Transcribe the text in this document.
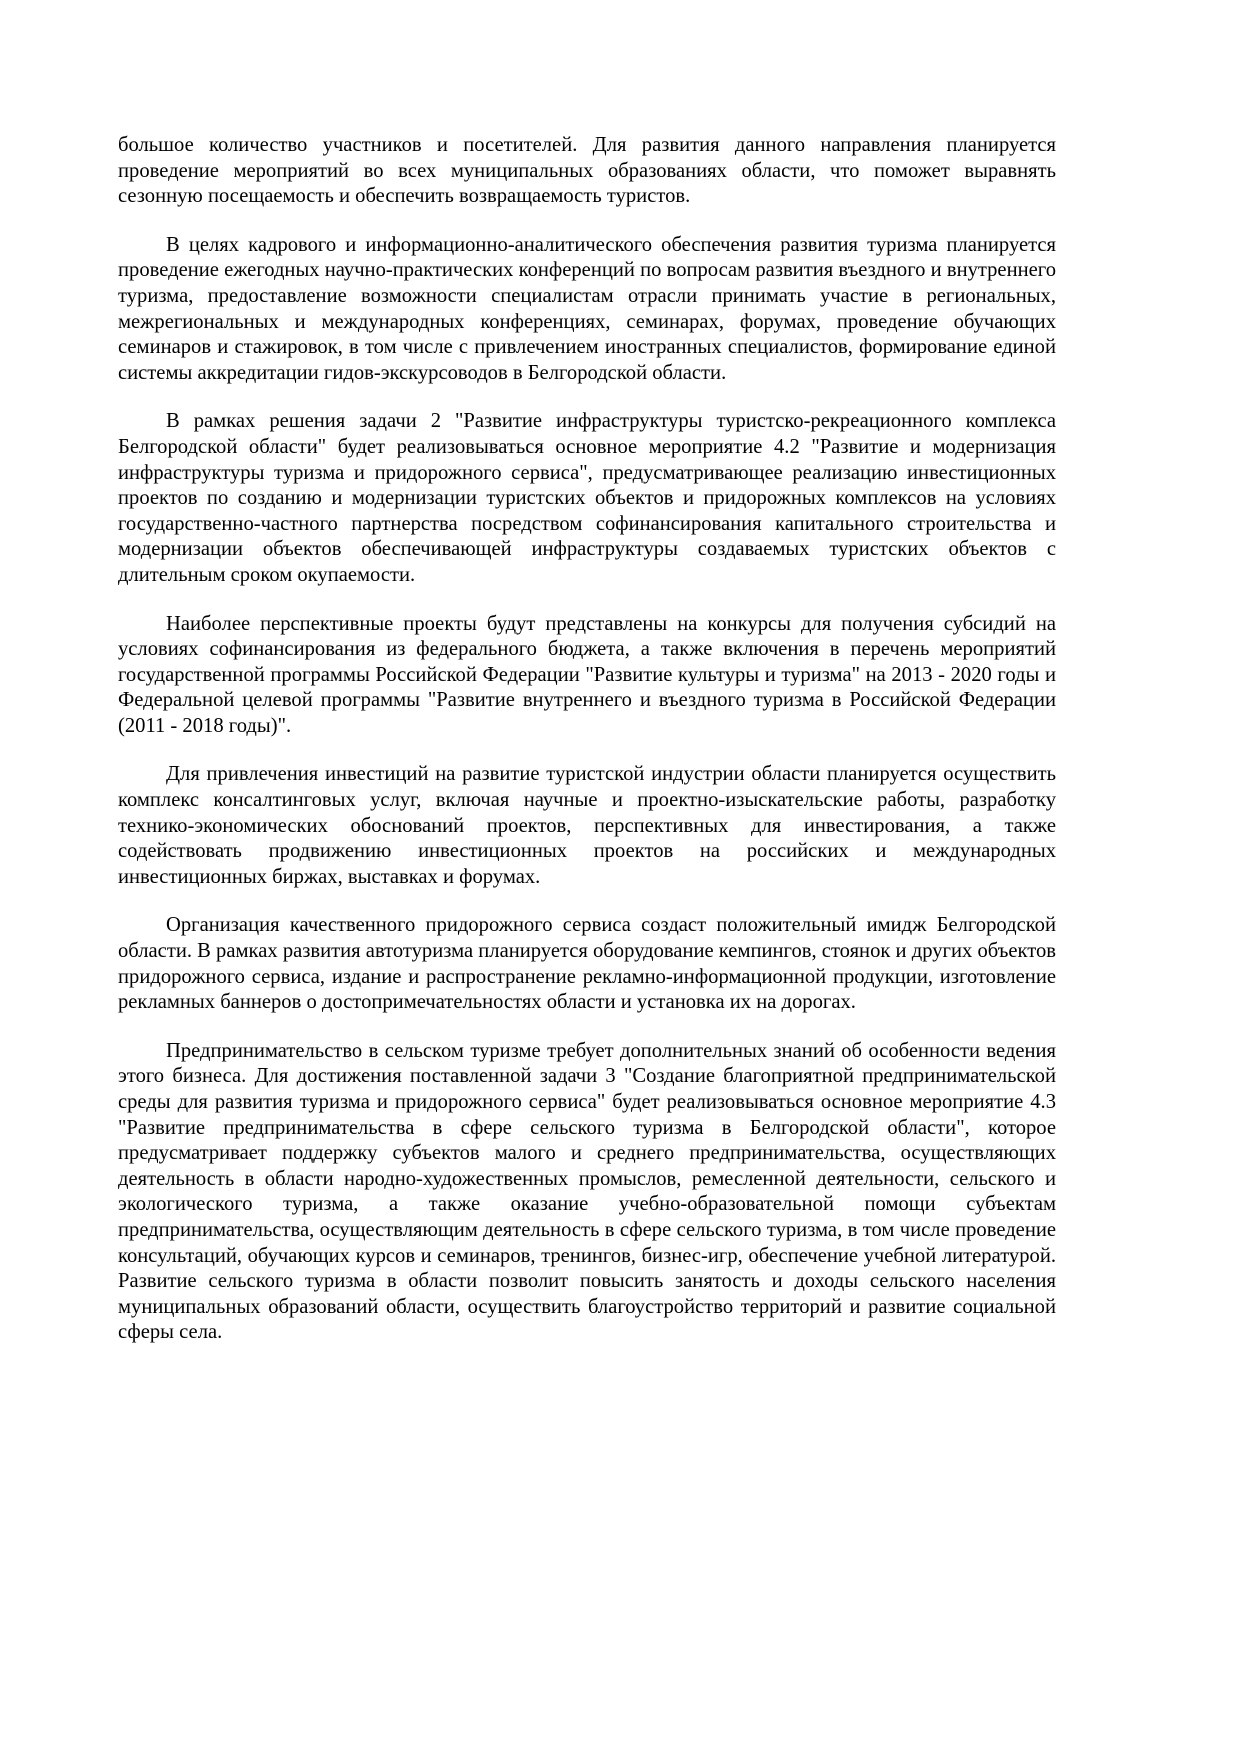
большое количество участников и посетителей. Для развития данного направления планируется проведение мероприятий во всех муниципальных образованиях области, что поможет выравнять сезонную посещаемость и обеспечить возвращаемость туристов.

В целях кадрового и информационно-аналитического обеспечения развития туризма планируется проведение ежегодных научно-практических конференций по вопросам развития въездного и внутреннего туризма, предоставление возможности специалистам отрасли принимать участие в региональных, межрегиональных и международных конференциях, семинарах, форумах, проведение обучающих семинаров и стажировок, в том числе с привлечением иностранных специалистов, формирование единой системы аккредитации гидов-экскурсоводов в Белгородской области.

В рамках решения задачи 2 "Развитие инфраструктуры туристско-рекреационного комплекса Белгородской области" будет реализовываться основное мероприятие 4.2 "Развитие и модернизация инфраструктуры туризма и придорожного сервиса", предусматривающее реализацию инвестиционных проектов по созданию и модернизации туристских объектов и придорожных комплексов на условиях государственно-частного партнерства посредством софинансирования капитального строительства и модернизации объектов обеспечивающей инфраструктуры создаваемых туристских объектов с длительным сроком окупаемости.

Наиболее перспективные проекты будут представлены на конкурсы для получения субсидий на условиях софинансирования из федерального бюджета, а также включения в перечень мероприятий государственной программы Российской Федерации "Развитие культуры и туризма" на 2013 - 2020 годы и Федеральной целевой программы "Развитие внутреннего и въездного туризма в Российской Федерации (2011 - 2018 годы)".

Для привлечения инвестиций на развитие туристской индустрии области планируется осуществить комплекс консалтинговых услуг, включая научные и проектно-изыскательские работы, разработку технико-экономических обоснований проектов, перспективных для инвестирования, а также содействовать продвижению инвестиционных проектов на российских и международных инвестиционных биржах, выставках и форумах.

Организация качественного придорожного сервиса создаст положительный имидж Белгородской области. В рамках развития автотуризма планируется оборудование кемпингов, стоянок и других объектов придорожного сервиса, издание и распространение рекламно-информационной продукции, изготовление рекламных баннеров о достопримечательностях области и установка их на дорогах.

Предпринимательство в сельском туризме требует дополнительных знаний об особенности ведения этого бизнеса. Для достижения поставленной задачи 3 "Создание благоприятной предпринимательской среды для развития туризма и придорожного сервиса" будет реализовываться основное мероприятие 4.3 "Развитие предпринимательства в сфере сельского туризма в Белгородской области", которое предусматривает поддержку субъектов малого и среднего предпринимательства, осуществляющих деятельность в области народно-художественных промыслов, ремесленной деятельности, сельского и экологического туризма, а также оказание учебно-образовательной помощи субъектам предпринимательства, осуществляющим деятельность в сфере сельского туризма, в том числе проведение консультаций, обучающих курсов и семинаров, тренингов, бизнес-игр, обеспечение учебной литературой. Развитие сельского туризма в области позволит повысить занятость и доходы сельского населения муниципальных образований области, осуществить благоустройство территорий и развитие социальной сферы села.
